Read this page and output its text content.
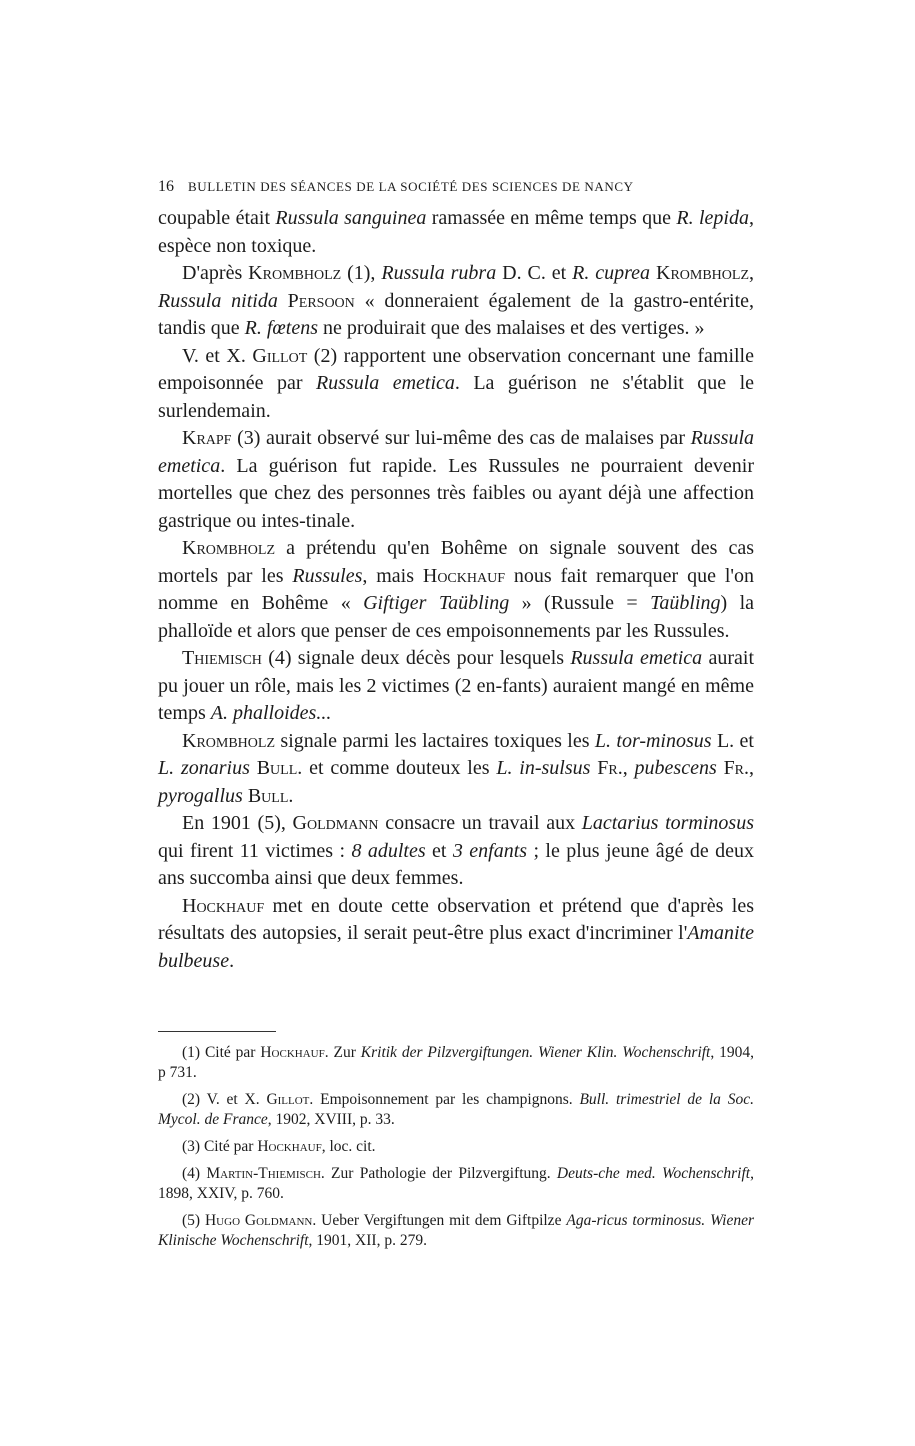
16 BULLETIN DES SÉANCES DE LA SOCIÉTÉ DES SCIENCES DE NANCY

coupable était Russula sanguinea ramassée en même temps que R. lepida, espèce non toxique.

D'après Krombholz (1), Russula rubra D. C. et R. cuprea Krombholz, Russula nitida Persoon « donneraient également de la gastro-entérite, tandis que R. fœtens ne produirait que des malaises et des vertiges. »

V. et X. Gillot (2) rapportent une observation concernant une famille empoisonnée par Russula emetica. La guérison ne s'établit que le surlendemain.

Krapf (3) aurait observé sur lui-même des cas de malaises par Russula emetica. La guérison fut rapide. Les Russules ne pourraient devenir mortelles que chez des personnes très faibles ou ayant déjà une affection gastrique ou intes-tinale.

Krombholz a prétendu qu'en Bohême on signale souvent des cas mortels par les Russules, mais Hockhauf nous fait remarquer que l'on nomme en Bohême « Giftiger Taübling » (Russule = Taübling) la phalloïde et alors que penser de ces empoisonnements par les Russules.

Thiemisch (4) signale deux décès pour lesquels Russula emetica aurait pu jouer un rôle, mais les 2 victimes (2 en-fants) auraient mangé en même temps A. phalloides...

Krombholz signale parmi les lactaires toxiques les L. tor-minosus L. et L. zonarius Bull. et comme douteux les L. in-sulsus Fr., pubescens Fr., pyrogallus Bull.

En 1901 (5), Goldmann consacre un travail aux Lactarius torminosus qui firent 11 victimes : 8 adultes et 3 enfants ; le plus jeune âgé de deux ans succomba ainsi que deux femmes.

Hockhauf met en doute cette observation et prétend que d'après les résultats des autopsies, il serait peut-être plus exact d'incriminer l'Amanite bulbeuse.

(1) Cité par Hockhauf. Zur Kritik der Pilzvergiftungen. Wiener Klin. Wochenschrift, 1904, p 731.

(2) V. et X. Gillot. Empoisonnement par les champignons. Bull. trimestriel de la Soc. Mycol. de France, 1902, XVIII, p. 33.

(3) Cité par Hockhauf, loc. cit.

(4) Martin-Thiemisch. Zur Pathologie der Pilzvergiftung. Deuts-che med. Wochenschrift, 1898, XXIV, p. 760.

(5) Hugo Goldmann. Ueber Vergiftungen mit dem Giftpilze Aga-ricus torminosus. Wiener Klinische Wochenschrift, 1901, XII, p. 279.
